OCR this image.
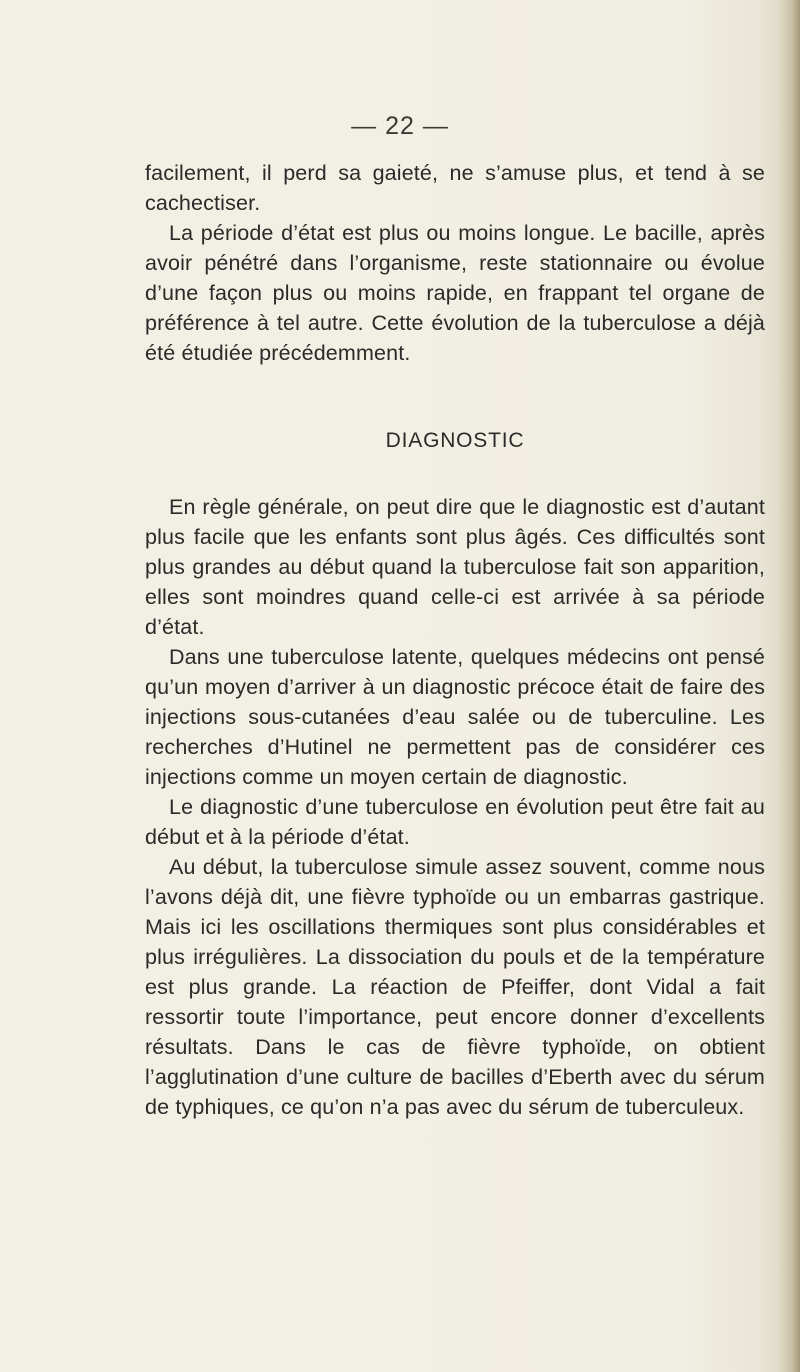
— 22 —

facilement, il perd sa gaieté, ne s’amuse plus, et tend à se cachectiser.

La période d’état est plus ou moins longue. Le bacille, après avoir pénétré dans l’organisme, reste stationnaire ou évolue d’une façon plus ou moins rapide, en frappant tel organe de préférence à tel autre. Cette évolution de la tuberculose a déjà été étudiée précédemment.

DIAGNOSTIC

En règle générale, on peut dire que le diagnostic est d’autant plus facile que les enfants sont plus âgés. Ces difficultés sont plus grandes au début quand la tuberculose fait son apparition, elles sont moindres quand celle-ci est arrivée à sa période d’état.

Dans une tuberculose latente, quelques médecins ont pensé qu’un moyen d’arriver à un diagnostic précoce était de faire des injections sous-cutanées d’eau salée ou de tuberculine. Les recherches d’Hutinel ne permettent pas de considérer ces injections comme un moyen certain de diagnostic.

Le diagnostic d’une tuberculose en évolution peut être fait au début et à la période d’état.

Au début, la tuberculose simule assez souvent, comme nous l’avons déjà dit, une fièvre typhoïde ou un embarras gastrique. Mais ici les oscillations thermiques sont plus considérables et plus irrégulières. La dissociation du pouls et de la température est plus grande. La réaction de Pfeiffer, dont Vidal a fait ressortir toute l’importance, peut encore donner d’excellents résultats. Dans le cas de fièvre typhoïde, on obtient l’agglutination d’une culture de bacilles d’Eberth avec du sérum de typhiques, ce qu’on n’a pas avec du sérum de tuberculeux.
